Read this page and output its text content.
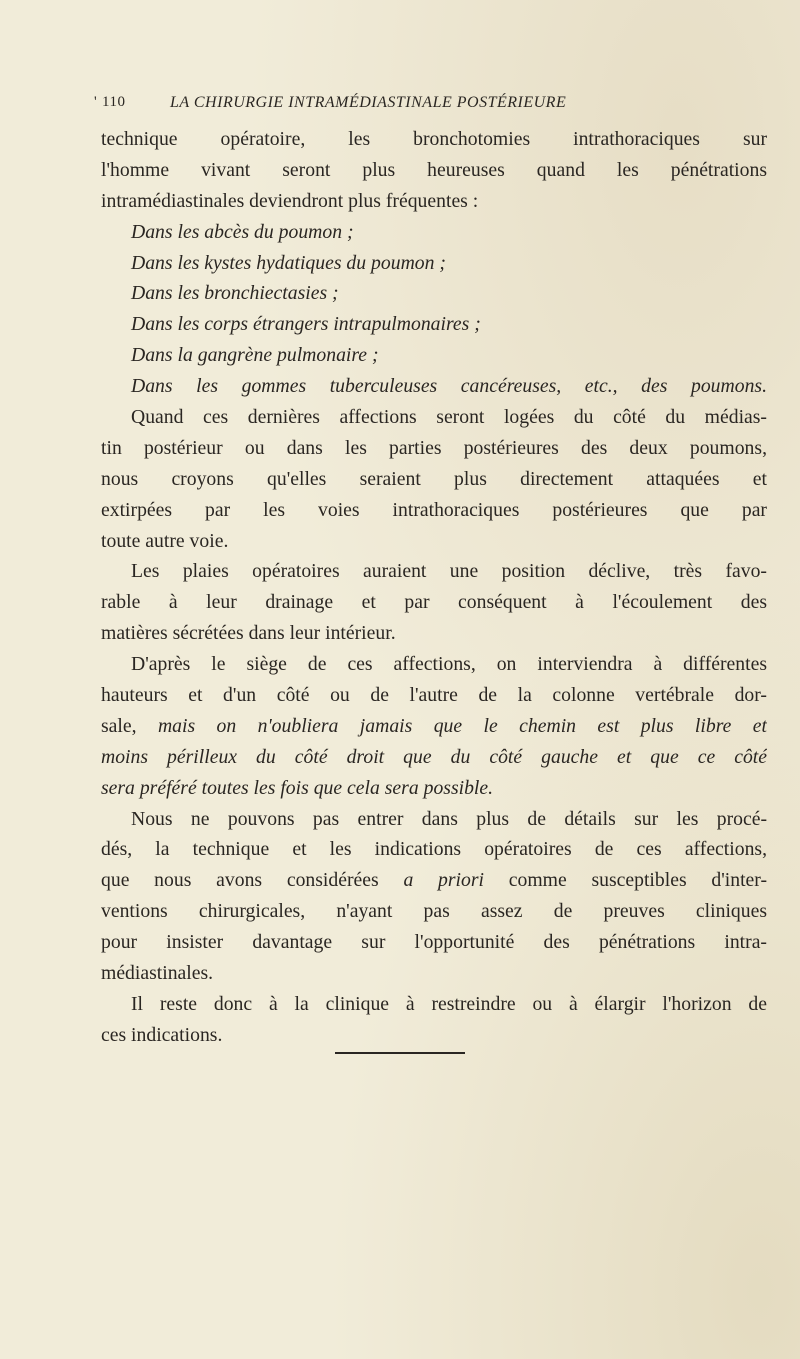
' 110	LA CHIRURGIE INTRAMÉDIASTINALE POSTÉRIEURE
technique opératoire, les bronchotomies intrathoraciques sur
l'homme vivant seront plus heureuses quand les pénétrations
intramédiastinales deviendront plus fréquentes :
Dans les abcès du poumon ;
Dans les kystes hydatiques du poumon ;
Dans les bronchiectasies ;
Dans les corps étrangers intrapulmonaires ;
Dans la gangrène pulmonaire ;
Dans les gommes tuberculeuses cancéreuses, etc., des poumons.
Quand ces dernières affections seront logées du côté du médias-
tin postérieur ou dans les parties postérieures des deux poumons,
nous croyons qu'elles seraient plus directement attaquées et
extirpées par les voies intrathoraciques postérieures que par
toute autre voie.
Les plaies opératoires auraient une position déclive, très favo-
rable à leur drainage et par conséquent à l'écoulement des
matières sécrétées dans leur intérieur.
D'après le siège de ces affections, on interviendra à différentes
hauteurs et d'un côté ou de l'autre de la colonne vertébrale dor-
sale, mais on n'oubliera jamais que le chemin est plus libre et
moins périlleux du côté droit que du côté gauche et que ce côté
sera préféré toutes les fois que cela sera possible.
Nous ne pouvons pas entrer dans plus de détails sur les procé-
dés, la technique et les indications opératoires de ces affections,
que nous avons considérées a priori comme susceptibles d'inter-
ventions chirurgicales, n'ayant pas assez de preuves cliniques
pour insister davantage sur l'opportunité des pénétrations intra-
médiastinales.
Il reste donc à la clinique à restreindre ou à élargir l'horizon de
ces indications.
